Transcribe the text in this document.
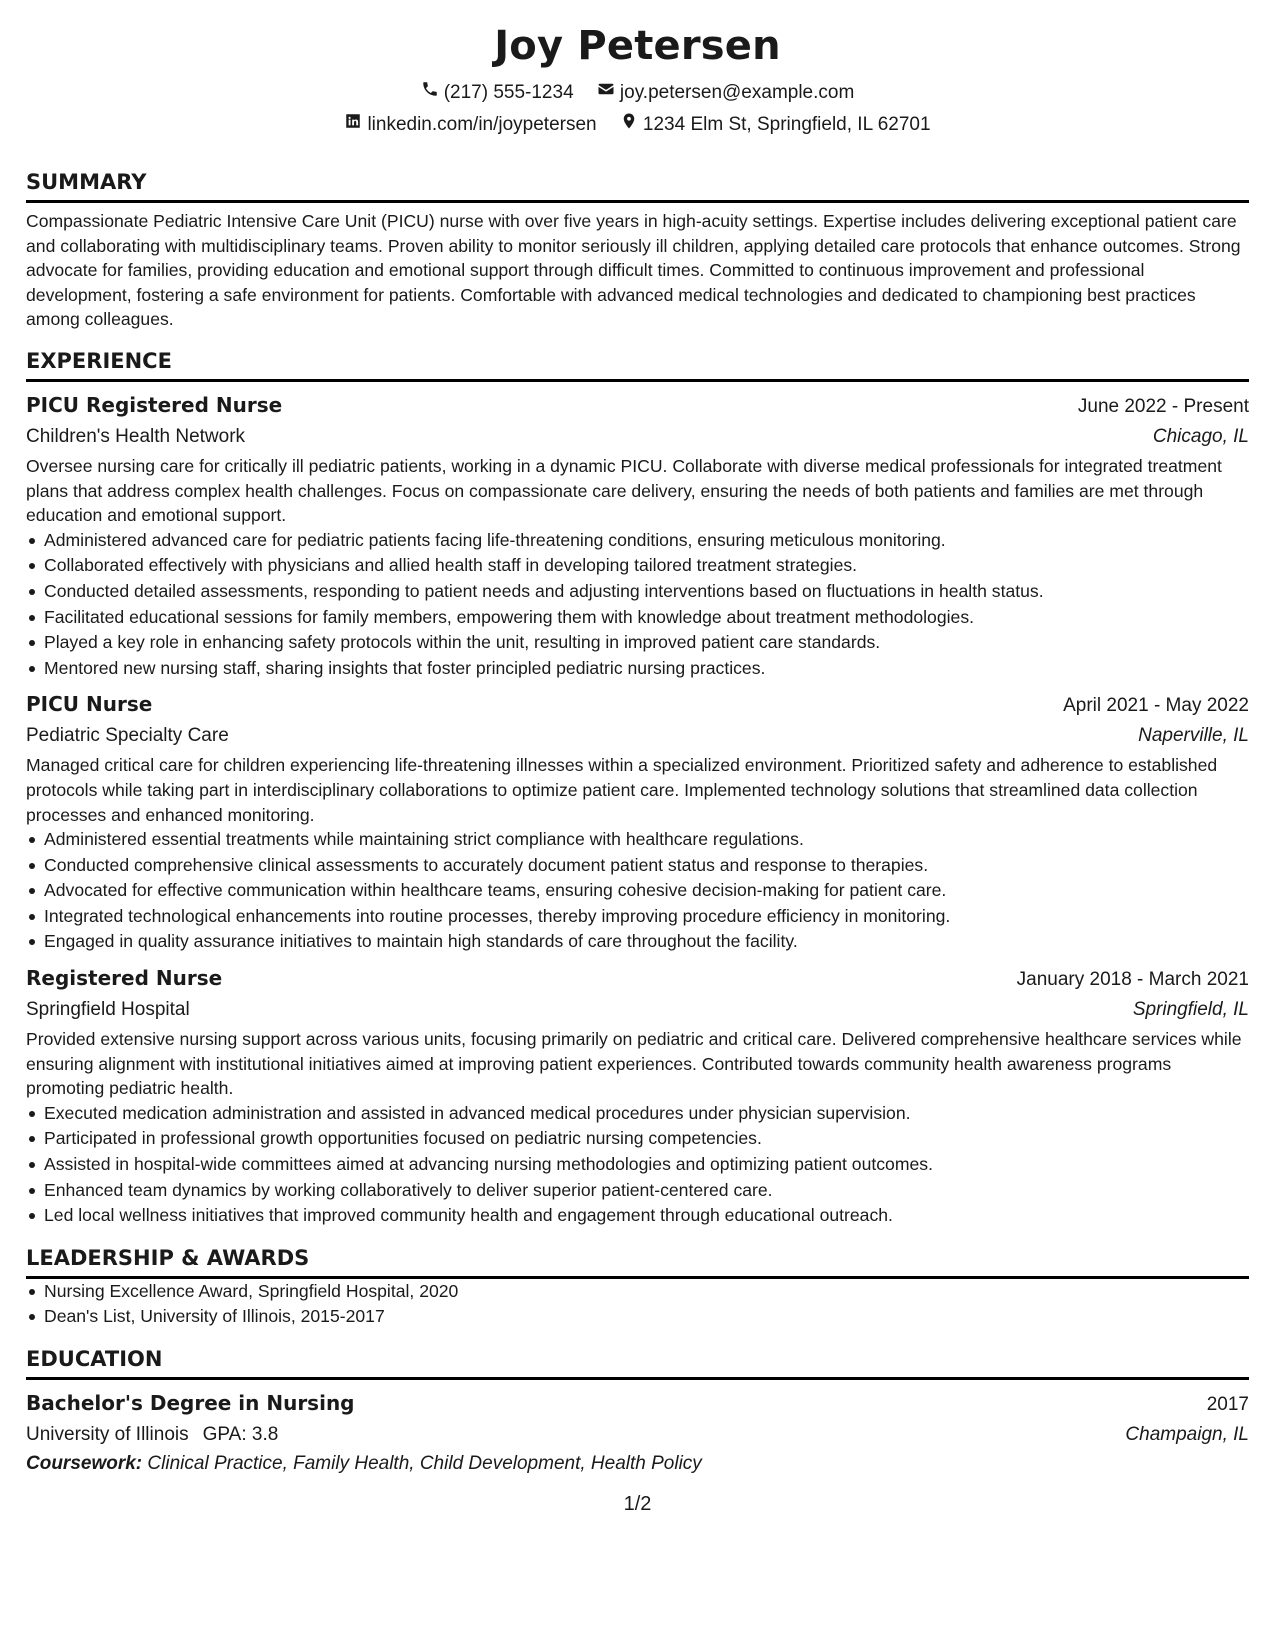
Joy Petersen
(217) 555-1234
joy.petersen@example.com
linkedin.com/in/joypetersen
1234 Elm St, Springfield, IL 62701
SUMMARY

Compassionate Pediatric Intensive Care Unit (PICU) nurse with over five years in high-acuity settings. Expertise includes delivering exceptional patient care and collaborating with multidisciplinary teams. Proven ability to monitor seriously ill children, applying detailed care protocols that enhance outcomes. Strong advocate for families, providing education and emotional support through difficult times. Committed to continuous improvement and professional development, fostering a safe environment for patients. Comfortable with advanced medical technologies and dedicated to championing best practices among colleagues.

EXPERIENCE
PICU Registered Nurse	June 2022 - Present
Children's Health Network	Chicago, IL

Oversee nursing care for critically ill pediatric patients, working in a dynamic PICU. Collaborate with diverse medical professionals for integrated treatment plans that address complex health challenges. Focus on compassionate care delivery, ensuring the needs of both patients and families are met through education and emotional support.

Administered advanced care for pediatric patients facing life-threatening conditions, ensuring meticulous monitoring.
Collaborated effectively with physicians and allied health staff in developing tailored treatment strategies.
Conducted detailed assessments, responding to patient needs and adjusting interventions based on fluctuations in health status.
Facilitated educational sessions for family members, empowering them with knowledge about treatment methodologies.
Played a key role in enhancing safety protocols within the unit, resulting in improved patient care standards.
Mentored new nursing staff, sharing insights that foster principled pediatric nursing practices.
PICU Nurse	April 2021 - May 2022
Pediatric Specialty Care	Naperville, IL

Managed critical care for children experiencing life-threatening illnesses within a specialized environment. Prioritized safety and adherence to established protocols while taking part in interdisciplinary collaborations to optimize patient care. Implemented technology solutions that streamlined data collection processes and enhanced monitoring.

Administered essential treatments while maintaining strict compliance with healthcare regulations.
Conducted comprehensive clinical assessments to accurately document patient status and response to therapies.
Advocated for effective communication within healthcare teams, ensuring cohesive decision-making for patient care.
Integrated technological enhancements into routine processes, thereby improving procedure efficiency in monitoring.
Engaged in quality assurance initiatives to maintain high standards of care throughout the facility.
Registered Nurse	January 2018 - March 2021
Springfield Hospital	Springfield, IL

Provided extensive nursing support across various units, focusing primarily on pediatric and critical care. Delivered comprehensive healthcare services while ensuring alignment with institutional initiatives aimed at improving patient experiences. Contributed towards community health awareness programs promoting pediatric health.

Executed medication administration and assisted in advanced medical procedures under physician supervision.
Participated in professional growth opportunities focused on pediatric nursing competencies.
Assisted in hospital-wide committees aimed at advancing nursing methodologies and optimizing patient outcomes.
Enhanced team dynamics by working collaboratively to deliver superior patient-centered care.
Led local wellness initiatives that improved community health and engagement through educational outreach.
LEADERSHIP & AWARDS
Nursing Excellence Award, Springfield Hospital, 2020
Dean's List, University of Illinois, 2015-2017
EDUCATION
Bachelor's Degree in Nursing	2017
University of Illinois GPA: 3.8	Champaign, IL
Coursework: Clinical Practice, Family Health, Child Development, Health Policy
1/2
